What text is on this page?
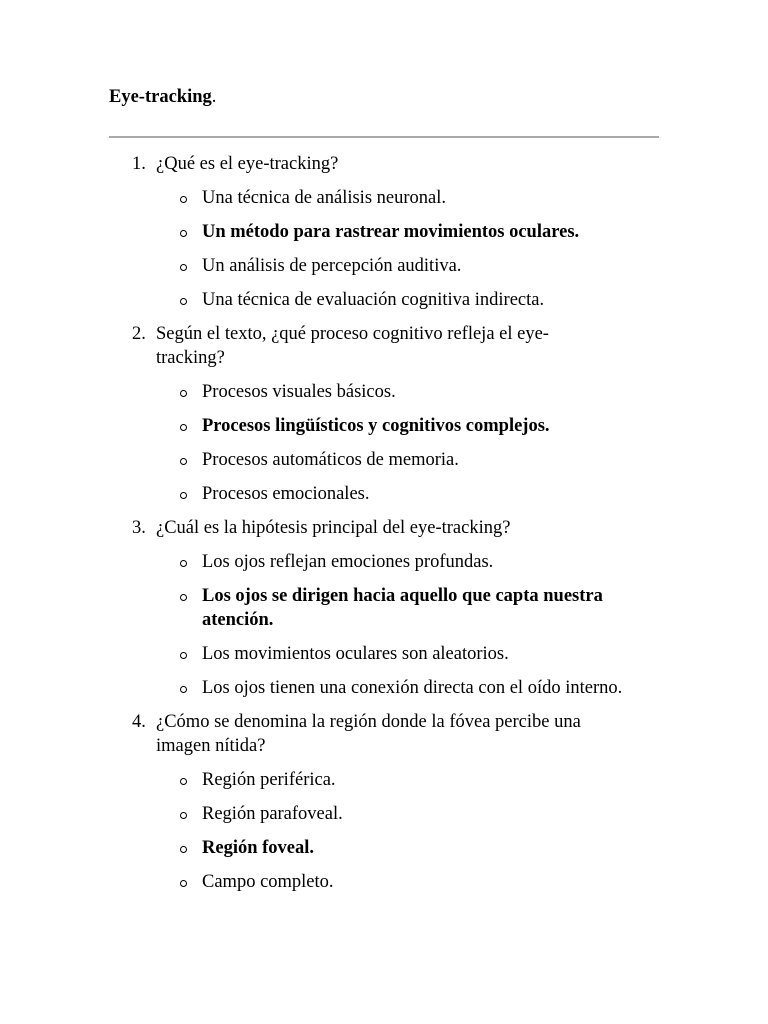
Eye-tracking.
1. ¿Qué es el eye-tracking?
Una técnica de análisis neuronal.
Un método para rastrear movimientos oculares.
Un análisis de percepción auditiva.
Una técnica de evaluación cognitiva indirecta.
2. Según el texto, ¿qué proceso cognitivo refleja el eye-tracking?
Procesos visuales básicos.
Procesos lingüísticos y cognitivos complejos.
Procesos automáticos de memoria.
Procesos emocionales.
3. ¿Cuál es la hipótesis principal del eye-tracking?
Los ojos reflejan emociones profundas.
Los ojos se dirigen hacia aquello que capta nuestra atención.
Los movimientos oculares son aleatorios.
Los ojos tienen una conexión directa con el oído interno.
4. ¿Cómo se denomina la región donde la fóvea percibe una imagen nítida?
Región periférica.
Región parafoveal.
Región foveal.
Campo completo.
